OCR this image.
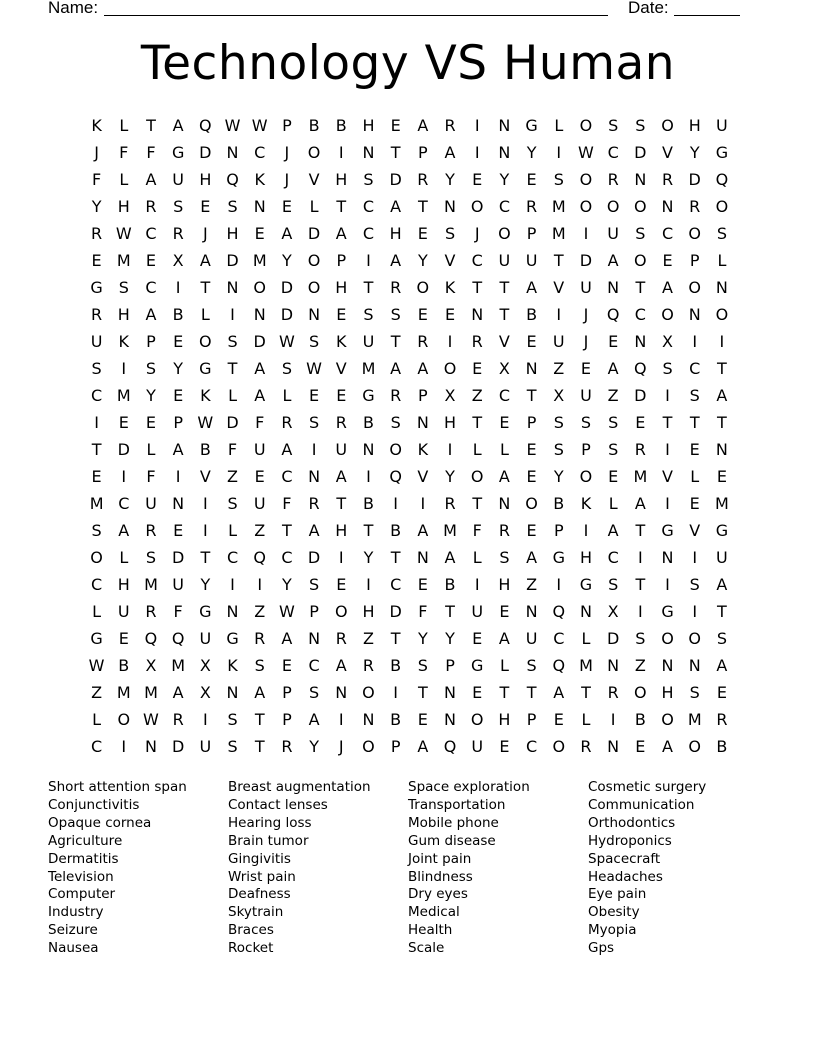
Name:	Date:
Technology VS Human
K	L	T	A Q W W P	B	B H	E	A	R	I	N G	L	O S	S O H U
J	F	F	G D N C	J	O	I	N	T	P	A	I	N	Y	I	W C D V	Y	G
F	L	A U H Q K	J	V H	S D R	Y	E	Y	E	S O R N R D Q
Y	H R	S	E	S	N	E	L	T	C	A	T	N O C	R M O O O N R O
R W C	R	J	H	E	A D A	C H	E	S	J	O	P M	I	U	S	C O S
E M E	X	A D M Y	O	P	I	A	Y	V	C U U	T	D A O E	P	L
G S	C	I	T	N O D O H	T	R O K	T	T	A	V U N	T	A O N
R H A	B	L	I	N D N	E	S	S	E	E	N	T	B	I	J	Q C O N O
U	K	P	E O S D W S	K	U	T	R	I	R	V	E	U	J	E	N X	I	I
S	I	S	Y	G	T	A	S W V M A	A O E	X N Z	E	A Q S	C	T
C M Y	E	K	L	A	L	E	E G R	P	X	Z	C	T	X U Z D	I	S	A
I	E	E	P W D	F	R	S	R	B	S	N H	T	E	P	S	S	S	E	T	T	T
T	D	L	A	B	F	U A	I	U N O K	I	L	L	E	S	P	S	R	I	E	N
E	I	F	I	V	Z	E	C N A	I	Q V	Y	O A	E	Y	O E M V	L	E
M C U N	I	S	U	F	R	T	B	I	I	R	T	N O B	K	L	A	I	E M
S	A	R	E	I	L	Z	T	A H	T	B	A M F	R	E	P	I	A	T	G V G
O	L	S D	T	C Q C D	I	Y	T	N A	L	S	A G H C	I	N	I	U
C H M U	Y	I	I	Y	S	E	I	C	E	B	I	H Z	I	G S	T	I	S	A
L	U R	F	G N Z W P	O H D	F	T	U	E	N Q N X	I	G	I	T
G E Q Q U G R	A N R	Z	T	Y	Y	E	A U C	L	D S O O S
W B	X M X	K	S	E	C	A	R	B	S	P	G	L	S Q M N Z N N A
Z M M A	X N A	P	S	N O	I	T	N	E	T	T	A	T	R O H	S	E
L	O W R	I	S	T	P	A	I	N B	E	N O H	P	E	L	I	B O M R
C	I	N D U	S	T	R	Y	J	O	P	A Q U	E	C O R N	E	A O B
Short attention span
Conjunctivitis
Opaque cornea
Agriculture
Dermatitis
Television
Computer
Industry
Seizure
Nausea
Breast augmentation
Contact lenses
Hearing loss
Brain tumor
Gingivitis
Wrist pain
Deafness
Skytrain
Braces
Rocket
Space exploration
Transportation
Mobile phone
Gum disease
Joint pain
Blindness
Dry eyes
Medical
Health
Scale
Cosmetic surgery
Communication
Orthodontics
Hydroponics
Spacecraft
Headaches
Eye pain
Obesity
Myopia
Gps
